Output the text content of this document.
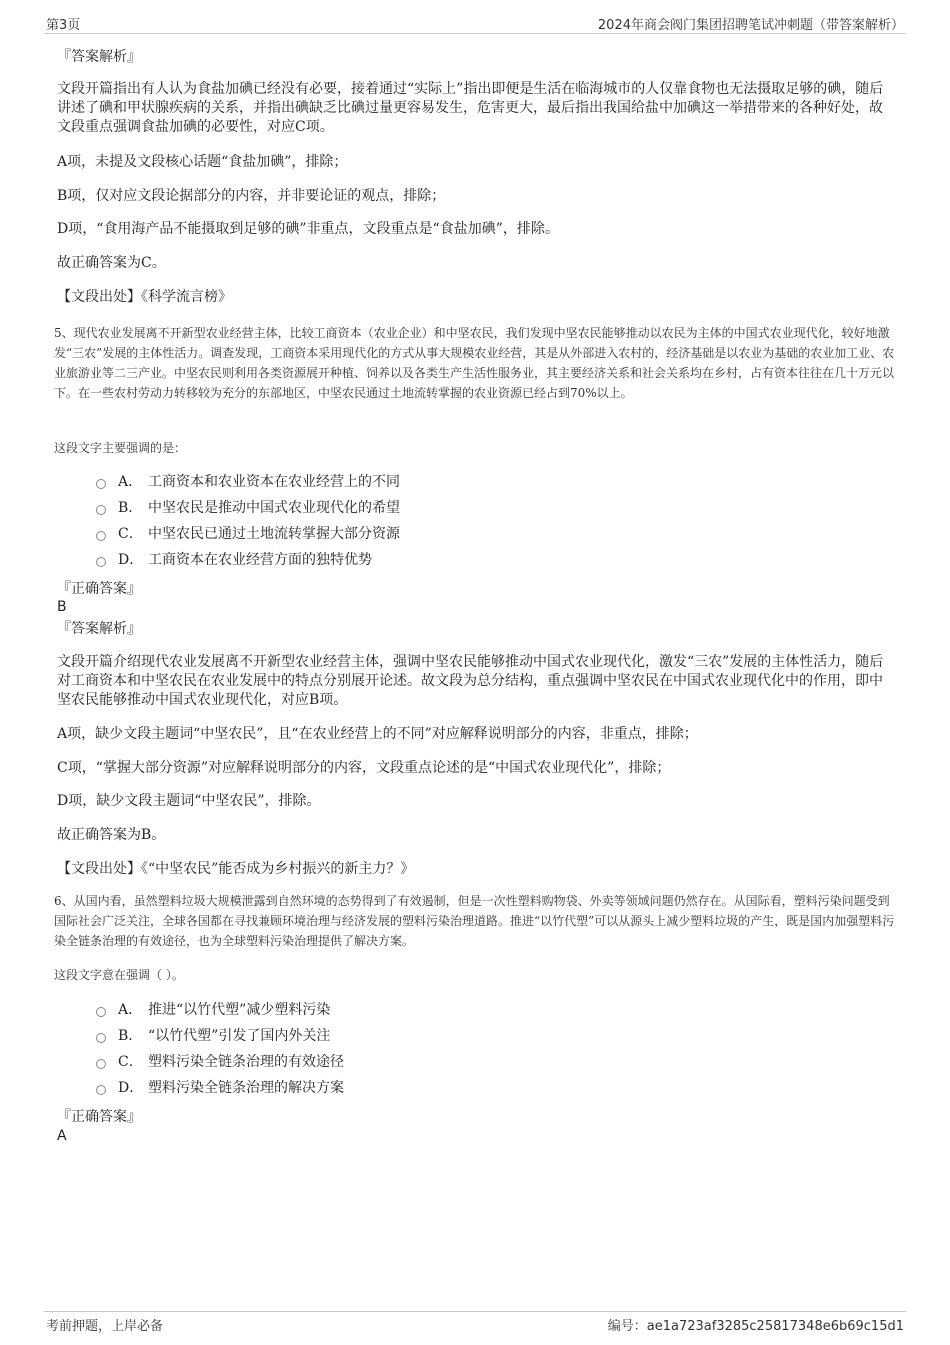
第3页	2024年商会阀门集团招聘笔试冲刺题（带答案解析）
『答案解析』

文段开篇指出有人认为食盐加碘已经没有必要，接着通过“实际上”指出即便是生活在临海城市的人仅靠食物也无法摄取足够的碘，随后讲述了碘和甲状腺疾病的关系，并指出碘缺乏比碘过量更容易发生，危害更大，最后指出我国给盐中加碘这一举措带来的各种好处，故文段重点强调食盐加碘的必要性，对应C项。

A项，未提及文段核心话题“食盐加碘”，排除；
B项，仅对应文段论据部分的内容，并非要论证的观点，排除；
D项，“食用海产品不能摄取到足够的碘”非重点，文段重点是“食盐加碘”，排除。
故正确答案为C。
【文段出处】《科学流言榜》

5、现代农业发展离不开新型农业经营主体，比较工商资本（农业企业）和中坚农民，我们发现中坚农民能够推动以农民为主体的中国式农业现代化，较好地激发“三农”发展的主体性活力。调查发现，工商资本采用现代化的方式从事大规模农业经营，其是从外部进入农村的，经济基础是以农业为基础的农业加工业、农业旅游业等二三产业。中坚农民则利用各类资源展开种植、饲养以及各类生产生活性服务业，其主要经济关系和社会关系均在乡村，占有资本往往在几十万元以下。在一些农村劳动力转移较为充分的东部地区，中坚农民通过土地流转掌握的农业资源已经占到70%以上。

这段文字主要强调的是：
A． 工商资本和农业资本在农业经营上的不同
B． 中坚农民是推动中国式农业现代化的希望
C． 中坚农民已通过土地流转掌握大部分资源
D． 工商资本在农业经营方面的独特优势
『正确答案』
B
『答案解析』

文段开篇介绍现代农业发展离不开新型农业经营主体，强调中坚农民能够推动中国式农业现代化，激发“三农”发展的主体性活力，随后对工商资本和中坚农民在农业发展中的特点分别展开论述。故文段为总分结构，重点强调中坚农民在中国式农业现代化中的作用，即中坚农民能够推动中国式农业现代化，对应B项。

A项，缺少文段主题词“中坚农民”，且“在农业经营上的不同”对应解释说明部分的内容，非重点，排除；
C项，“掌握大部分资源”对应解释说明部分的内容，文段重点论述的是“中国式农业现代化”，排除；
D项，缺少文段主题词“中坚农民”，排除。
故正确答案为B。
【文段出处】《“中坚农民”能否成为乡村振兴的新主力？》

6、从国内看，虽然塑料垃圾大规模泄露到自然环境的态势得到了有效遏制，但是一次性塑料购物袋、外卖等领域问题仍然存在。从国际看，塑料污染问题受到国际社会广泛关注，全球各国都在寻找兼顾环境治理与经济发展的塑料污染治理道路。推进“以竹代塑”可以从源头上减少塑料垃圾的产生，既是国内加强塑料污染全链条治理的有效途径，也为全球塑料污染治理提供了解决方案。

这段文字意在强调（ ）。
A． 推进“以竹代塑”减少塑料污染
B． “以竹代塑”引发了国内外关注
C． 塑料污染全链条治理的有效途径
D． 塑料污染全链条治理的解决方案
『正确答案』
A
考前押题，上岸必备	编号：ae1a723af3285c25817348e6b69c15d1
